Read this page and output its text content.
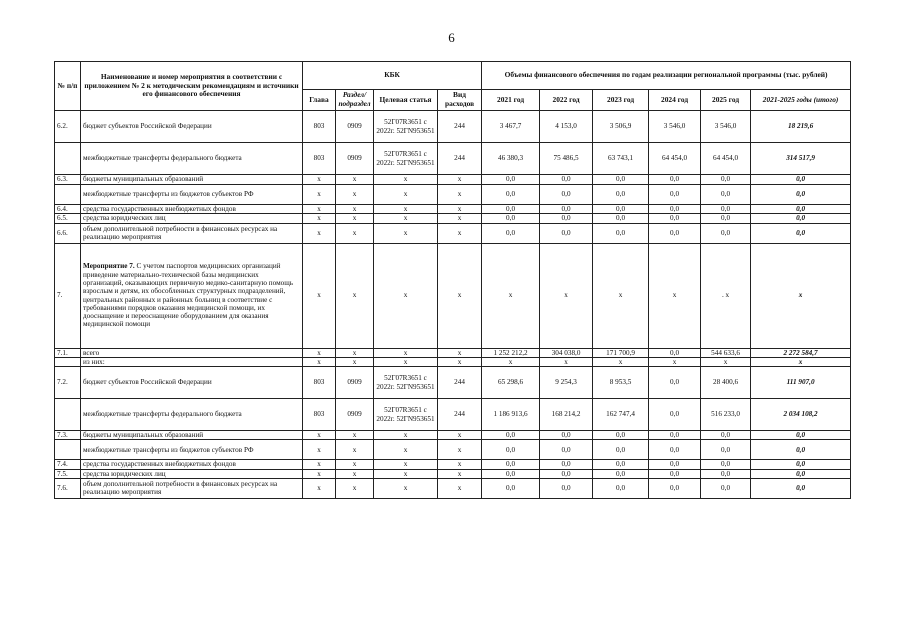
6
№ п/п	Наименование и номер мероприятия в соответствии с приложением № 2 к методическим рекомендациям и источники его финансового обеспечения	КБК				Объемы финансового обеспечения по годам реализации региональной программы (тыс. рублей)					
		Глава	Раздел/ подраздел	Целевая статья	Вид расходов	2021 год	2022 год	2023 год	2024 год	2025 год	2021-2025 годы (итого)
6.2.	бюджет субъектов Российской Федерации	803	0909	52Г07R3651 с 2022г. 52ГN953651	244	3 467,7	4 153,0	3 506,9	3 546,0	3 546,0	18 219,6
	межбюджетные трансферты федерального бюджета	803	0909	52Г07R3651 с 2022г. 52ГN953651	244	46 380,3	75 486,5	63 743,1	64 454,0	64 454,0	314 517,9
6.3.	бюджеты муниципальных образований	x	x	x	x	0,0	0,0	0,0	0,0	0,0	0,0
	межбюджетные трансферты из бюджетов субъектов РФ	x	x	x	x	0,0	0,0	0,0	0,0	0,0	0,0
6.4.	средства государственных внебюджетных фондов	x	x	x	x	0,0	0,0	0,0	0,0	0,0	0,0
6.5.	средства юридических лиц	x	x	x	x	0,0	0,0	0,0	0,0	0,0	0,0
6.6.	объем дополнительной потребности в финансовых ресурсах на реализацию мероприятия	x	x	x	x	0,0	0,0	0,0	0,0	0,0	0,0
7.	Мероприятие 7. С учетом паспортов медицинских организаций приведение материально-технической базы медицинских организаций, оказывающих первичную медико-санитарную помощь взрослым и детям, их обособленных структурных подразделений, центральных районных и районных больниц в соответствие с требованиями порядков оказания медицинской помощи, их дооснащение и переоснащение оборудованием для оказания медицинской помощи	x	x	x	x	x	x	x	x	. x	x
7.1.	всего	x	x	x	x	1 252 212,2	304 038,0	171 700,9	0,0	544 633,6	2 272 584,7
	из них:	x	x	x	x	x	x	x	x	x	x
7.2.	бюджет субъектов Российской Федерации	803	0909	52Г07R3651 с 2022г. 52ГN953651	244	65 298,6	9 254,3	8 953,5	0,0	28 400,6	111 907,0
	межбюджетные трансферты федерального бюджета	803	0909	52Г07R3651 с 2022г. 52ГN953651	244	1 186 913,6	168 214,2	162 747,4	0,0	516 233,0	2 034 108,2
7.3.	бюджеты муниципальных образований	x	x	x	x	0,0	0,0	0,0	0,0	0,0	0,0
	межбюджетные трансферты из бюджетов субъектов РФ	x	x	x	x	0,0	0,0	0,0	0,0	0,0	0,0
7.4.	средства государственных внебюджетных фондов	x	x	x	x	0,0	0,0	0,0	0,0	0,0	0,0
7.5.	средства юридических лиц	x	x	x	x	0,0	0,0	0,0	0,0	0,0	0,0
7.6.	объем дополнительной потребности в финансовых ресурсах на реализацию мероприятия	x	x	x	x	0,0	0,0	0,0	0,0	0,0	0,0
